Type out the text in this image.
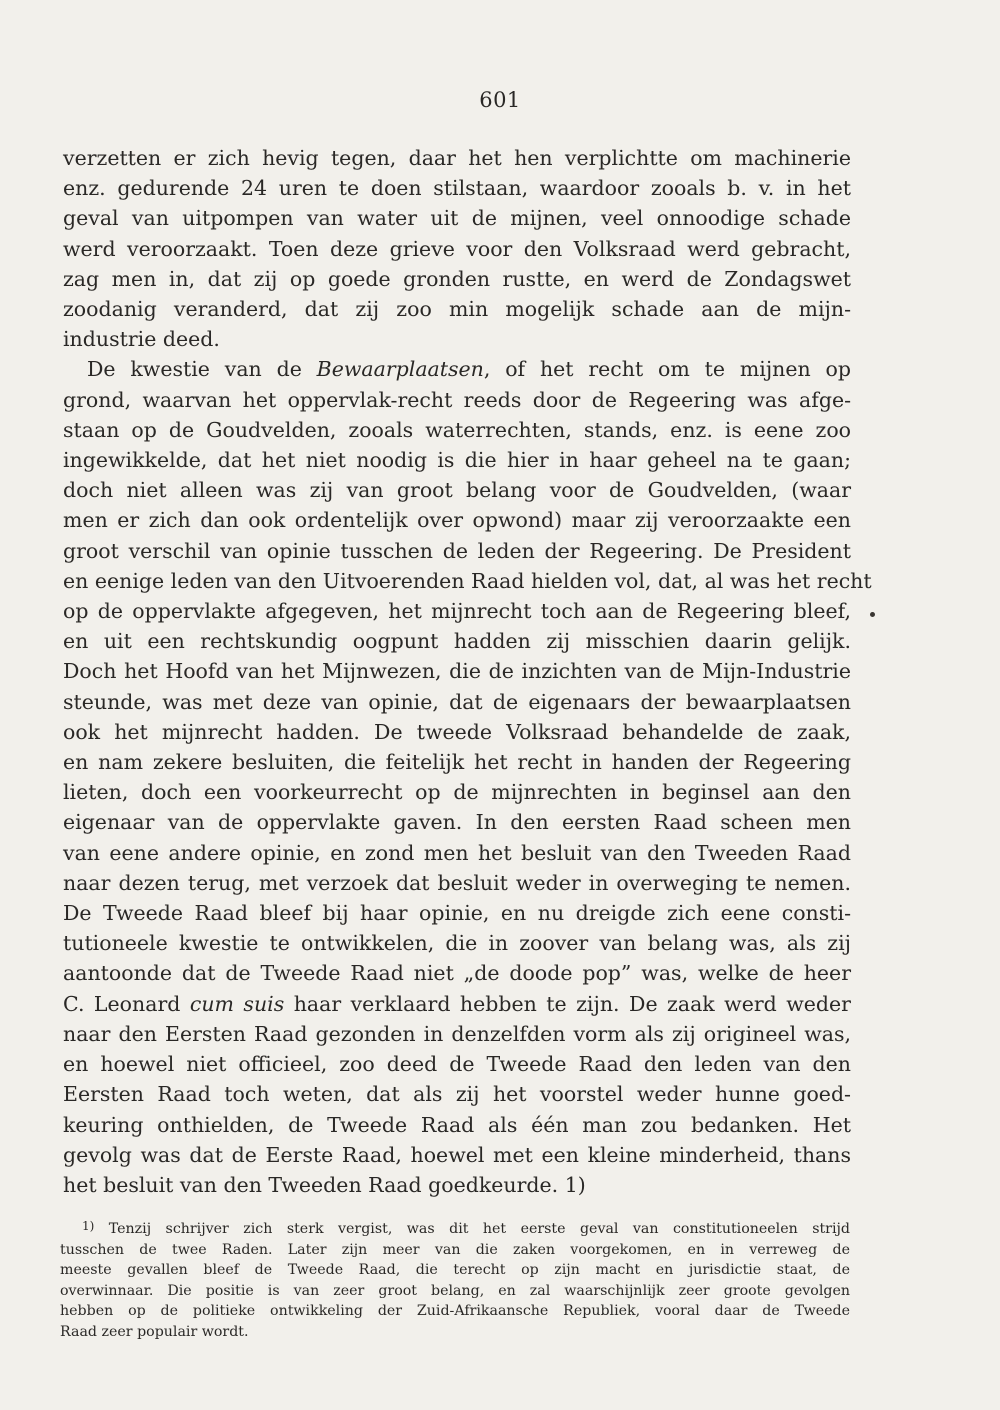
601
verzetten er zich hevig tegen, daar het hen verplichtte om machinerie
enz. gedurende 24 uren te doen stilstaan, waardoor zooals b. v. in het
geval van uitpompen van water uit de mijnen, veel onnoodige schade
werd veroorzaakt. Toen deze grieve voor den Volksraad werd gebracht,
zag men in, dat zij op goede gronden rustte, en werd de Zondagswet
zoodanig veranderd, dat zij zoo min mogelijk schade aan de mijn-
industrie deed.
De kwestie van de Bewaarplaatsen, of het recht om te mijnen op
grond, waarvan het oppervlak-recht reeds door de Regeering was afge-
staan op de Goudvelden, zooals waterrechten, stands, enz. is eene zoo
ingewikkelde, dat het niet noodig is die hier in haar geheel na te gaan;
doch niet alleen was zij van groot belang voor de Goudvelden, (waar
men er zich dan ook ordentelijk over opwond) maar zij veroorzaakte een
groot verschil van opinie tusschen de leden der Regeering. De President
en eenige leden van den Uitvoerenden Raad hielden vol, dat, al was het recht
op de oppervlakte afgegeven, het mijnrecht toch aan de Regeering bleef,
en uit een rechtskundig oogpunt hadden zij misschien daarin gelijk.
Doch het Hoofd van het Mijnwezen, die de inzichten van de Mijn-Industrie
steunde, was met deze van opinie, dat de eigenaars der bewaarplaatsen
ook het mijnrecht hadden. De tweede Volksraad behandelde de zaak,
en nam zekere besluiten, die feitelijk het recht in handen der Regeering
lieten, doch een voorkeurrecht op de mijnrechten in beginsel aan den
eigenaar van de oppervlakte gaven. In den eersten Raad scheen men
van eene andere opinie, en zond men het besluit van den Tweeden Raad
naar dezen terug, met verzoek dat besluit weder in overweging te nemen.
De Tweede Raad bleef bij haar opinie, en nu dreigde zich eene consti-
tutioneele kwestie te ontwikkelen, die in zoover van belang was, als zij
aantoonde dat de Tweede Raad niet „de doode pop” was, welke de heer
C. Leonard cum suis haar verklaard hebben te zijn. De zaak werd weder
naar den Eersten Raad gezonden in denzelfden vorm als zij origineel was,
en hoewel niet officieel, zoo deed de Tweede Raad den leden van den
Eersten Raad toch weten, dat als zij het voorstel weder hunne goed-
keuring onthielden, de Tweede Raad als één man zou bedanken. Het
gevolg was dat de Eerste Raad, hoewel met een kleine minderheid, thans
het besluit van den Tweeden Raad goedkeurde. 1)
$^{1)}$ Tenzij schrijver zich sterk vergist, was dit het eerste geval van constitutioneelen strijd
tusschen de twee Raden. Later zijn meer van die zaken voorgekomen, en in verreweg de
meeste gevallen bleef de Tweede Raad, die terecht op zijn macht en jurisdictie staat, de
overwinnaar. Die positie is van zeer groot belang, en zal waarschijnlijk zeer groote gevolgen
hebben op de politieke ontwikkeling der Zuid-Afrikaansche Republiek, vooral daar de Tweede
Raad zeer populair wordt.
